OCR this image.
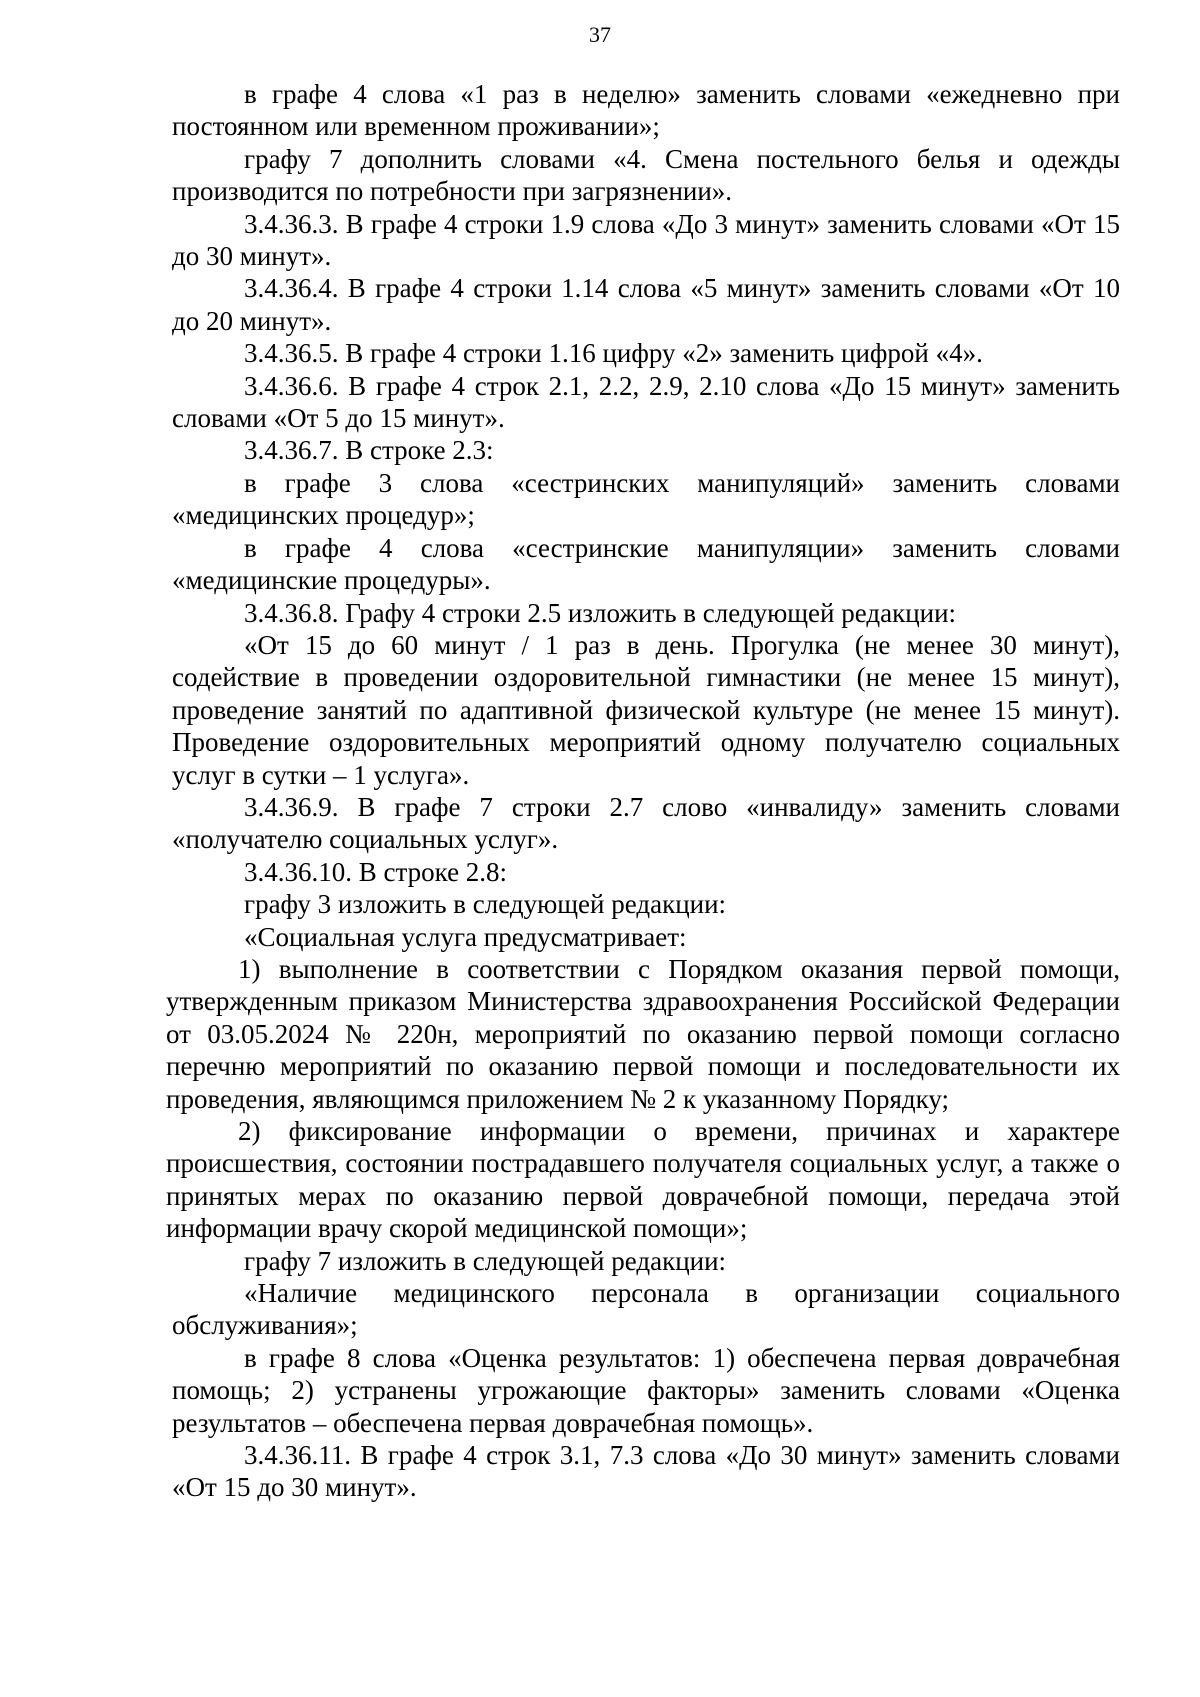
37

в графе 4 слова «1 раз в неделю» заменить словами «ежедневно при постоянном или временном проживании»;

графу 7 дополнить словами «4. Смена постельного белья и одежды производится по потребности при загрязнении».

3.4.36.3. В графе 4 строки 1.9 слова «До 3 минут» заменить словами «От 15 до 30 минут».

3.4.36.4. В графе 4 строки 1.14 слова «5 минут» заменить словами «От 10 до 20 минут».

3.4.36.5. В графе 4 строки 1.16 цифру «2» заменить цифрой «4».

3.4.36.6. В графе 4 строк 2.1, 2.2, 2.9, 2.10 слова «До 15 минут» заменить словами «От 5 до 15 минут».

3.4.36.7. В строке 2.3:

в графе 3 слова «сестринских манипуляций» заменить словами «медицинских процедур»;

в графе 4 слова «сестринские манипуляции» заменить словами «медицинские процедуры».

3.4.36.8. Графу 4 строки 2.5 изложить в следующей редакции:

«От 15 до 60 минут / 1 раз в день. Прогулка (не менее 30 минут), содействие в проведении оздоровительной гимнастики (не менее 15 минут), проведение занятий по адаптивной физической культуре (не менее 15 минут). Проведение оздоровительных мероприятий одному получателю социальных услуг в сутки – 1 услуга».

3.4.36.9. В графе 7 строки 2.7 слово «инвалиду» заменить словами «получателю социальных услуг».

3.4.36.10. В строке 2.8:

графу 3 изложить в следующей редакции:

«Социальная услуга предусматривает:

1) выполнение в соответствии с Порядком оказания первой помощи, утвержденным приказом Министерства здравоохранения Российской Федерации от 03.05.2024 № 220н, мероприятий по оказанию первой помощи согласно перечню мероприятий по оказанию первой помощи и последовательности их проведения, являющимся приложением № 2 к указанному Порядку;

2) фиксирование информации о времени, причинах и характере происшествия, состоянии пострадавшего получателя социальных услуг, а также о принятых мерах по оказанию первой доврачебной помощи, передача этой информации врачу скорой медицинской помощи»;

графу 7 изложить в следующей редакции:

«Наличие медицинского персонала в организации социального обслуживания»;

в графе 8 слова «Оценка результатов: 1) обеспечена первая доврачебная помощь; 2) устранены угрожающие факторы» заменить словами «Оценка результатов – обеспечена первая доврачебная помощь».

3.4.36.11. В графе 4 строк 3.1, 7.3 слова «До 30 минут» заменить словами «От 15 до 30 минут».
